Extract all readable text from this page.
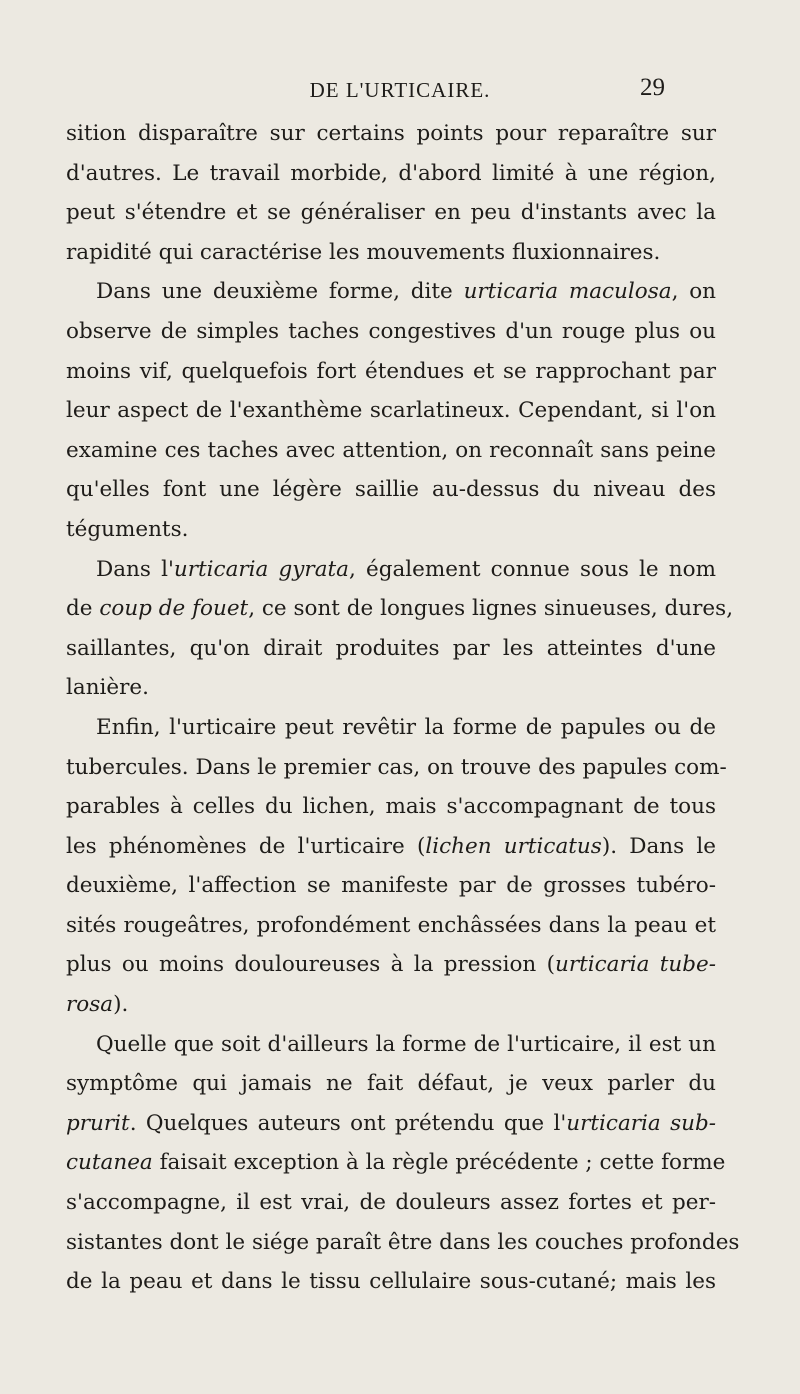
DE L'URTICAIRE.	29
sition disparaître sur certains points pour reparaître sur
d'autres. Le travail morbide, d'abord limité à une région,
peut s'étendre et se généraliser en peu d'instants avec la
rapidité qui caractérise les mouvements fluxionnaires.
Dans une deuxième forme, dite urticaria maculosa, on
observe de simples taches congestives d'un rouge plus ou
moins vif, quelquefois fort étendues et se rapprochant par
leur aspect de l'exanthème scarlatineux. Cependant, si l'on
examine ces taches avec attention, on reconnaît sans peine
qu'elles font une légère saillie au-dessus du niveau des
téguments.
Dans l'urticaria gyrata, également connue sous le nom
de coup de fouet, ce sont de longues lignes sinueuses, dures,
saillantes, qu'on dirait produites par les atteintes d'une
lanière.
Enfin, l'urticaire peut revêtir la forme de papules ou de
tubercules. Dans le premier cas, on trouve des papules com-
parables à celles du lichen, mais s'accompagnant de tous
les phénomènes de l'urticaire (lichen urticatus). Dans le
deuxième, l'affection se manifeste par de grosses tubéro-
sités rougeâtres, profondément enchâssées dans la peau et
plus ou moins douloureuses à la pression (urticaria tube-
rosa).
Quelle que soit d'ailleurs la forme de l'urticaire, il est un
symptôme qui jamais ne fait défaut, je veux parler du
prurit. Quelques auteurs ont prétendu que l'urticaria sub-
cutanea faisait exception à la règle précédente ; cette forme
s'accompagne, il est vrai, de douleurs assez fortes et per-
sistantes dont le siége paraît être dans les couches profondes
de la peau et dans le tissu cellulaire sous-cutané; mais les
